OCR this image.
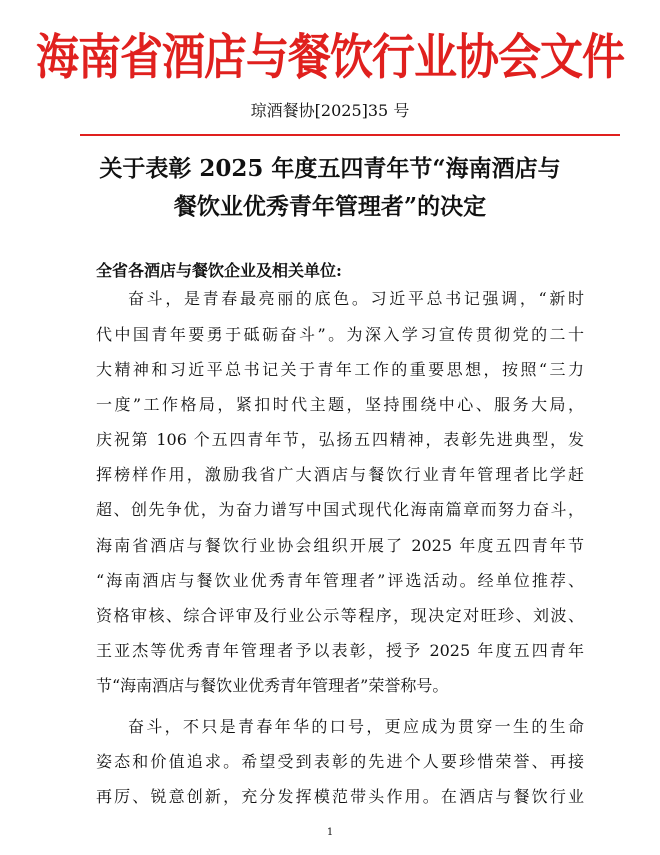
海南省酒店与餐饮行业协会文件
琼酒餐协[2025]35 号
关于表彰 2025 年度五四青年节“海南酒店与
餐饮业优秀青年管理者”的决定
全省各酒店与餐饮企业及相关单位:
奋斗，是青春最亮丽的底色。习近平总书记强调，“新时
代中国青年要勇于砥砺奋斗”。为深入学习宣传贯彻党的二十
大精神和习近平总书记关于青年工作的重要思想，按照“三力
一度”工作格局，紧扣时代主题，坚持围绕中心、服务大局，
庆祝第 106 个五四青年节，弘扬五四精神，表彰先进典型，发
挥榜样作用，激励我省广大酒店与餐饮行业青年管理者比学赶
超、创先争优，为奋力谱写中国式现代化海南篇章而努力奋斗，
海南省酒店与餐饮行业协会组织开展了 2025 年度五四青年节
“海南酒店与餐饮业优秀青年管理者”评选活动。经单位推荐、
资格审核、综合评审及行业公示等程序，现决定对旺珍、刘波、
王亚杰等优秀青年管理者予以表彰，授予 2025 年度五四青年
节“海南酒店与餐饮业优秀青年管理者”荣誉称号。
奋斗，不只是青春年华的口号，更应成为贯穿一生的生命
姿态和价值追求。希望受到表彰的先进个人要珍惜荣誉、再接
再厉、锐意创新，充分发挥模范带头作用。在酒店与餐饮行业
1
